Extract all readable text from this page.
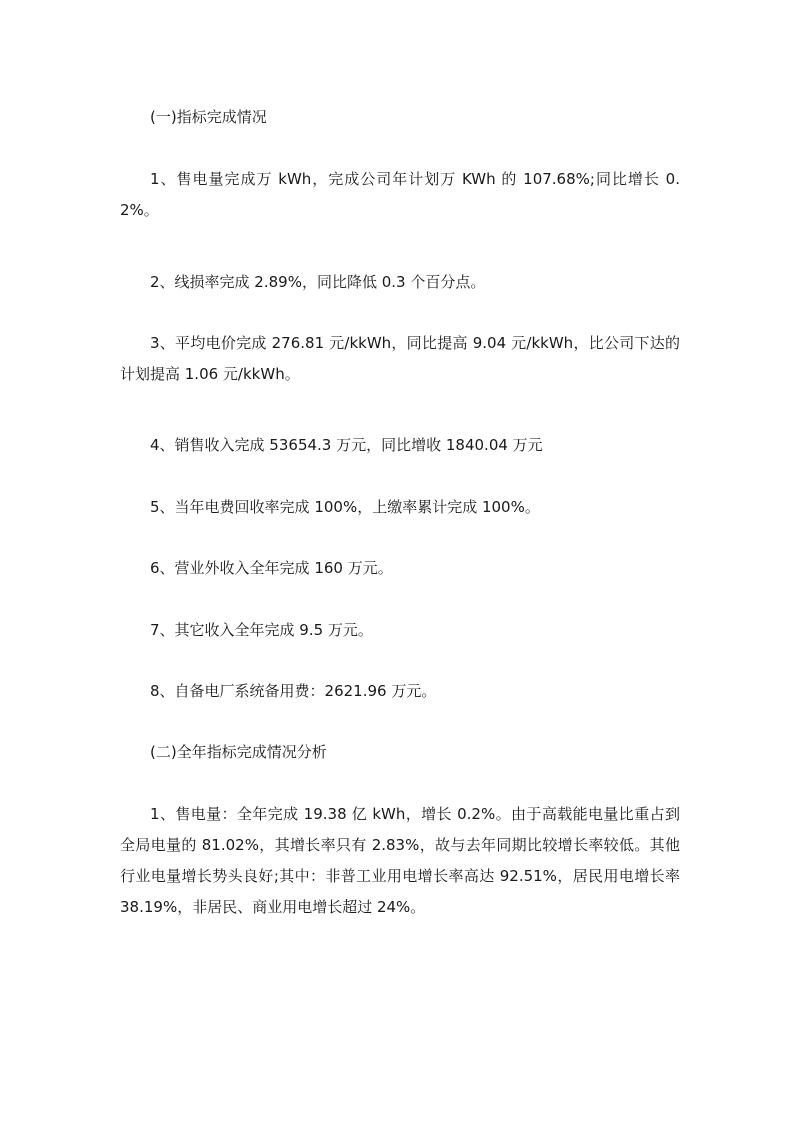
(一)指标完成情况

1、售电量完成万 kWh，完成公司年计划万 KWh 的 107.68%;同比增长 0.2%。

2、线损率完成 2.89%，同比降低 0.3 个百分点。

3、平均电价完成 276.81 元/kkWh，同比提高 9.04 元/kkWh，比公司下达的计划提高 1.06 元/kkWh。

4、销售收入完成 53654.3 万元，同比增收 1840.04 万元

5、当年电费回收率完成 100%，上缴率累计完成 100%。

6、营业外收入全年完成 160 万元。

7、其它收入全年完成 9.5 万元。

8、自备电厂系统备用费：2621.96 万元。

(二)全年指标完成情况分析

1、售电量：全年完成 19.38 亿 kWh，增长 0.2%。由于高载能电量比重占到全局电量的 81.02%，其增长率只有 2.83%，故与去年同期比较增长率较低。其他行业电量增长势头良好;其中：非普工业用电增长率高达 92.51%，居民用电增长率 38.19%，非居民、商业用电增长超过 24%。
